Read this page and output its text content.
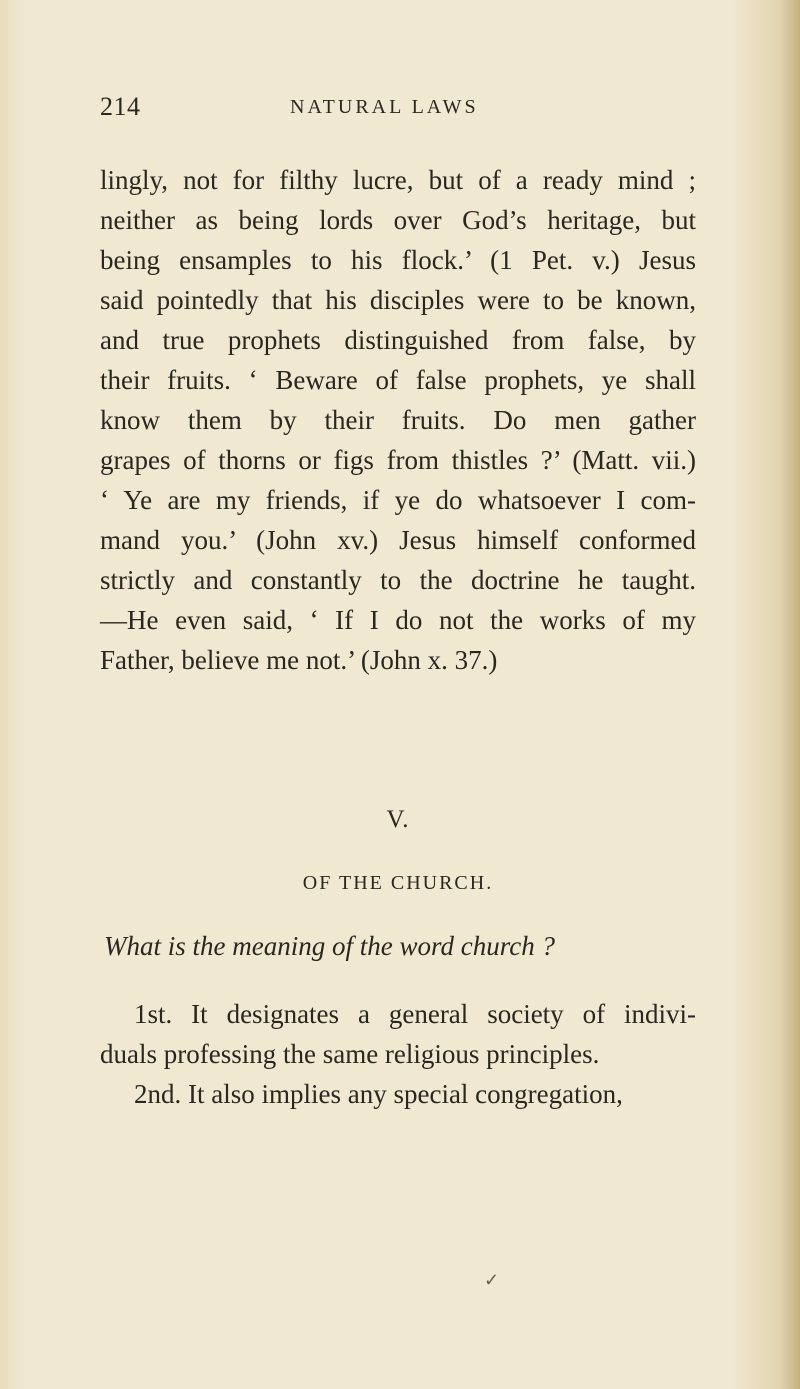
214	NATURAL LAWS
lingly, not for filthy lucre, but of a ready mind ;
neither as being lords over God’s heritage, but
being ensamples to his flock.’ (1 Pet. v.) Jesus
said pointedly that his disciples were to be known,
and true prophets distinguished from false, by
their fruits. ‘ Beware of false prophets, ye shall
know them by their fruits. Do men gather
grapes of thorns or figs from thistles ?’ (Matt. vii.)
‘ Ye are my friends, if ye do whatsoever I com-
mand you.’ (John xv.) Jesus himself conformed
strictly and constantly to the doctrine he taught.
—He even said, ‘ If I do not the works of my
Father, believe me not.’ (John x. 37.)
V.
OF THE CHURCH.
What is the meaning of the word church ?
1st. It designates a general society of indivi-
duals professing the same religious principles.
2nd. It also implies any special congregation,
✓
